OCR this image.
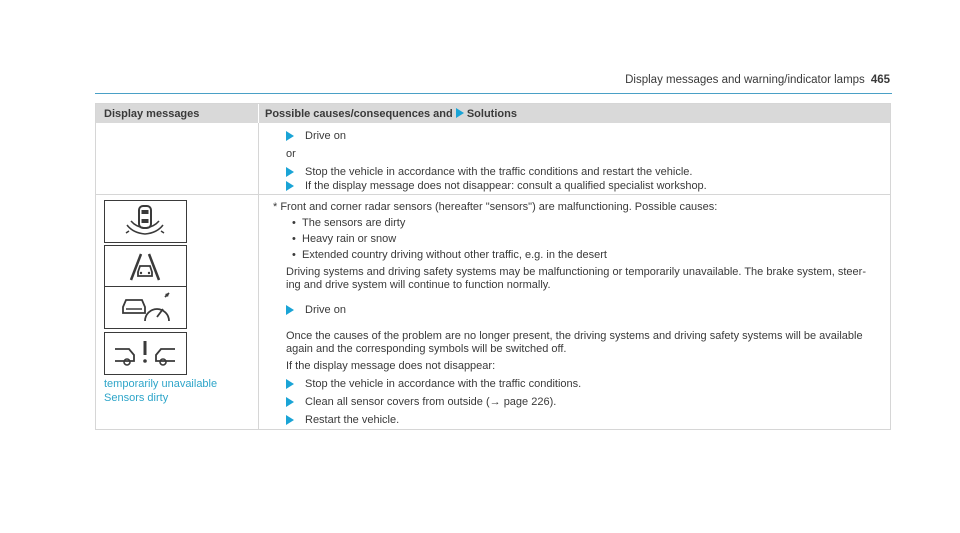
Display messages and warning/indicator lamps 465
Display messages	Possible causes/consequences and Solutions
Drive on
or
Stop the vehicle in accordance with the traffic conditions and restart the vehicle.
If the display message does not disappear: consult a qualified specialist workshop.
temporarily unavailable
Sensors dirty
* Front and corner radar sensors (hereafter "sensors") are malfunctioning. Possible causes:
• The sensors are dirty
• Heavy rain or snow
• Extended country driving without other traffic, e.g. in the desert
Driving systems and driving safety systems may be malfunctioning or temporarily unavailable. The brake system, steer-
ing and drive system will continue to function normally.
Drive on
Once the causes of the problem are no longer present, the driving systems and driving safety systems will be available
again and the corresponding symbols will be switched off.
If the display message does not disappear:
Stop the vehicle in accordance with the traffic conditions.
Clean all sensor covers from outside (→ page 226).
Restart the vehicle.
